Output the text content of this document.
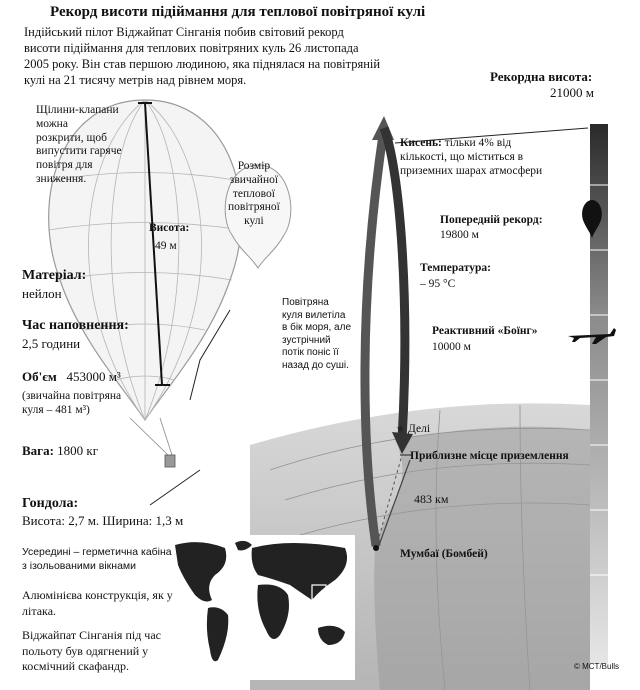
★
Рекорд висоти підіймання для теплової повітряної кулі
Індійський пілот Віджайпат Сінганія побив світовий рекорд
висоти підіймання для теплових повітряних куль 26 листопада
2005 року. Він став першою людиною, яка піднялася на повітряній
кулі на 21 тисячу метрів над рівнем моря.
Щілини-клапани
можна
розкрити, щоб
випустити гаряче
повітря для
зниження.
Розмір
звичайної
теплової
повітряної
кулі
Висота:
49 м
Матеріал:
нейлон
Час наповнення:
2,5 години
Об'єм 453000 м³
(звичайна повітряна
куля – 481 м³)
Вага: 1800 кг
Гондола:
Висота: 2,7 м. Ширина: 1,3 м
Усередині – герметична кабіна
з ізольованими вікнами
Алюмінієва конструкція, як у
літака.
Віджайпат Сінганія під час
польоту був одягнений у
космічний скафандр.
Рекордна висота:
21000 м
Кисень: тільки 4% від
кількості, що міститься в
приземних шарах атмосфери
Попередній рекорд:
19800 м
Температура:
– 95 °C
Реактивний «Боїнг»
10000 м
Повітряна
куля вилетіла
в бік моря, але
зустрічний
потік поніс її
назад до суші.
Делі
Приблизне місце приземлення
483 км
Мумбаї (Бомбей)
© MCT/Bulls
